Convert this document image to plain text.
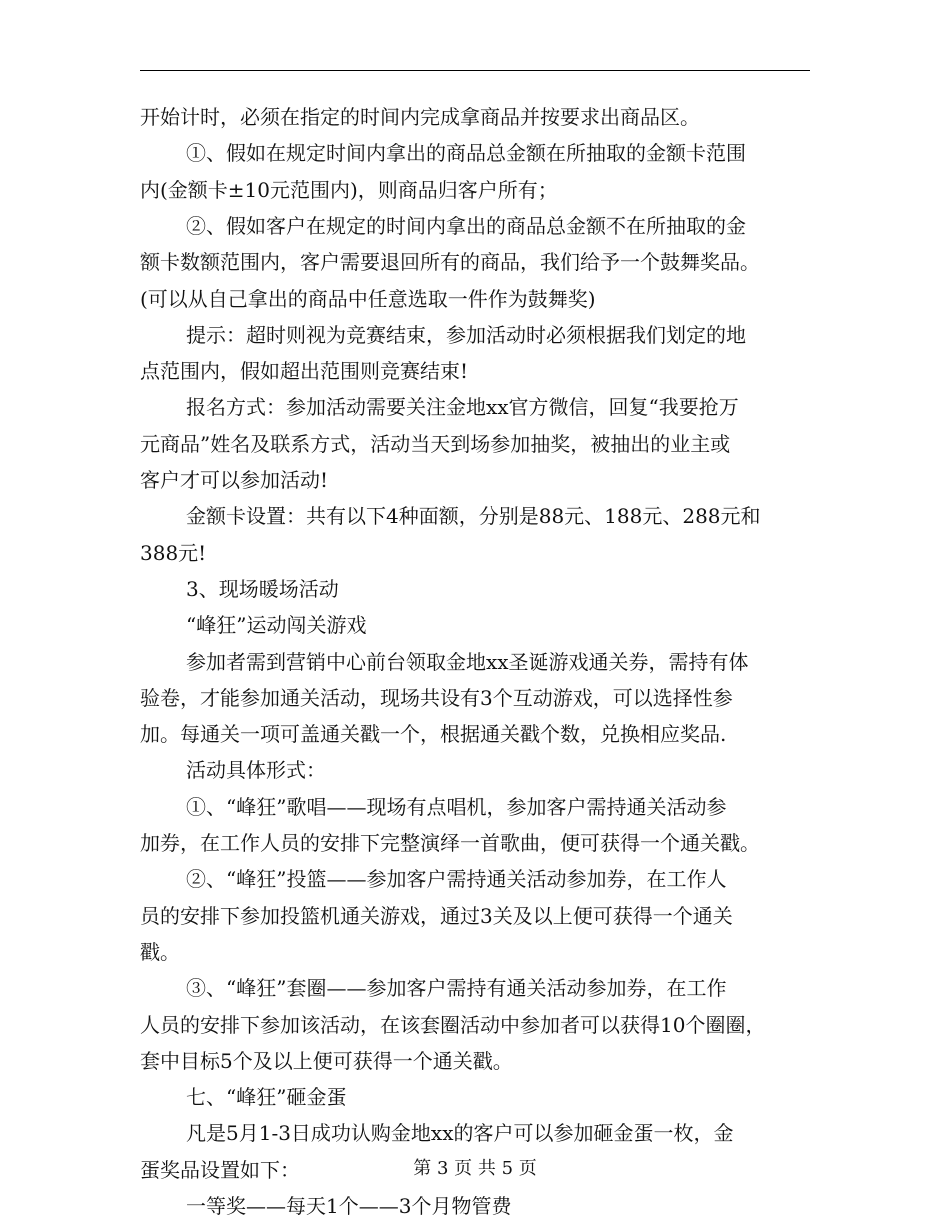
开始计时，必须在指定的时间内完成拿商品并按要求出商品区。
①、假如在规定时间内拿出的商品总金额在所抽取的金额卡范围
内(金额卡±10元范围内)，则商品归客户所有；
②、假如客户在规定的时间内拿出的商品总金额不在所抽取的金
额卡数额范围内，客户需要退回所有的商品，我们给予一个鼓舞奖品。
(可以从自己拿出的商品中任意选取一件作为鼓舞奖)
提示：超时则视为竞赛结束，参加活动时必须根据我们划定的地
点范围内，假如超出范围则竞赛结束!
报名方式：参加活动需要关注金地xx官方微信，回复“我要抢万
元商品”姓名及联系方式，活动当天到场参加抽奖，被抽出的业主或
客户才可以参加活动!
金额卡设置：共有以下4种面额，分别是88元、188元、288元和
388元!
3、现场暖场活动
“峰狂”运动闯关游戏
参加者需到营销中心前台领取金地xx圣诞游戏通关券，需持有体
验卷，才能参加通关活动，现场共设有3个互动游戏，可以选择性参
加。每通关一项可盖通关戳一个，根据通关戳个数，兑换相应奖品.
活动具体形式：
①、“峰狂”歌唱——现场有点唱机，参加客户需持通关活动参
加券，在工作人员的安排下完整演绎一首歌曲，便可获得一个通关戳。
②、“峰狂”投篮——参加客户需持通关活动参加券，在工作人
员的安排下参加投篮机通关游戏，通过3关及以上便可获得一个通关
戳。
③、“峰狂”套圈——参加客户需持有通关活动参加券，在工作
人员的安排下参加该活动，在该套圈活动中参加者可以获得10个圈圈，
套中目标5个及以上便可获得一个通关戳。
七、“峰狂”砸金蛋
凡是5月1-3日成功认购金地xx的客户可以参加砸金蛋一枚，金
蛋奖品设置如下：
一等奖——每天1个——3个月物管费
第 3 页 共 5 页
